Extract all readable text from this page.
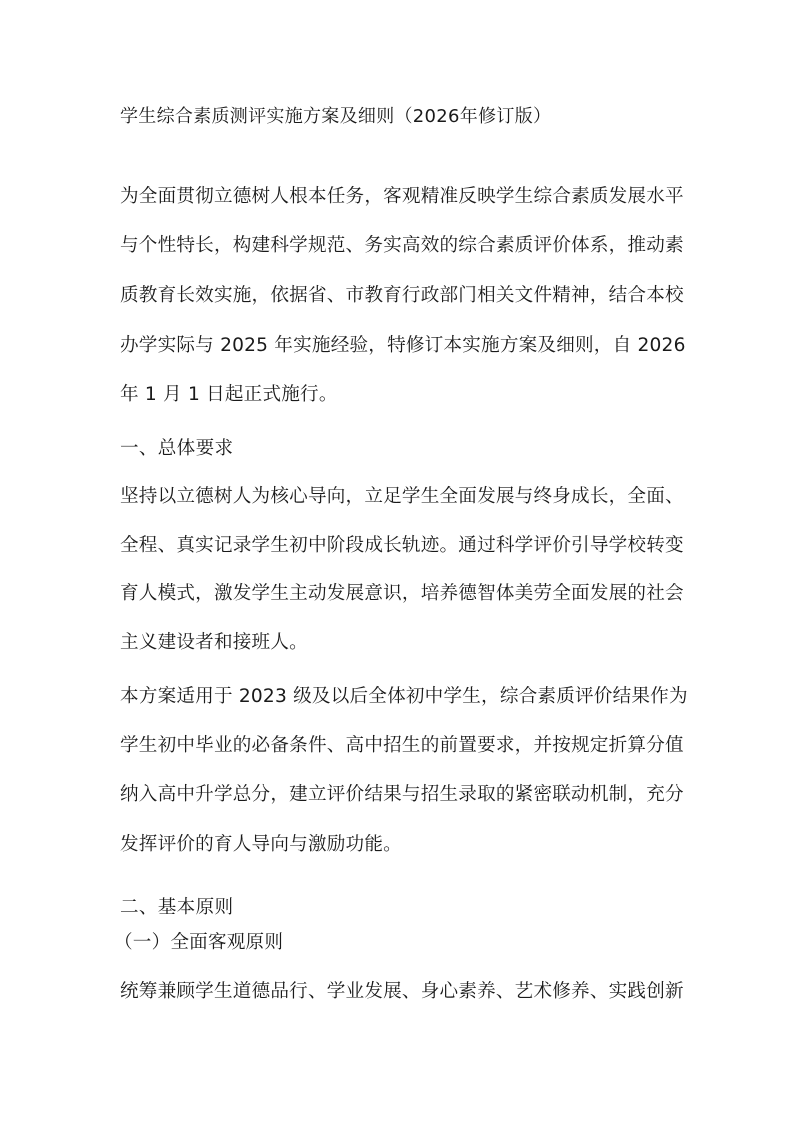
学生综合素质测评实施方案及细则（2026年修订版）
为全面贯彻立德树人根本任务，客观精准反映学生综合素质发展水平
与个性特长，构建科学规范、务实高效的综合素质评价体系，推动素
质教育长效实施，依据省、市教育行政部门相关文件精神，结合本校
办学实际与 2025 年实施经验，特修订本实施方案及细则，自 2026
年 1 月 1 日起正式施行。
一、总体要求
坚持以立德树人为核心导向，立足学生全面发展与终身成长，全面、
全程、真实记录学生初中阶段成长轨迹。通过科学评价引导学校转变
育人模式，激发学生主动发展意识，培养德智体美劳全面发展的社会
主义建设者和接班人。
本方案适用于 2023 级及以后全体初中学生，综合素质评价结果作为
学生初中毕业的必备条件、高中招生的前置要求，并按规定折算分值
纳入高中升学总分，建立评价结果与招生录取的紧密联动机制，充分
发挥评价的育人导向与激励功能。
二、基本原则
（一）全面客观原则
统筹兼顾学生道德品行、学业发展、身心素养、艺术修养、实践创新
